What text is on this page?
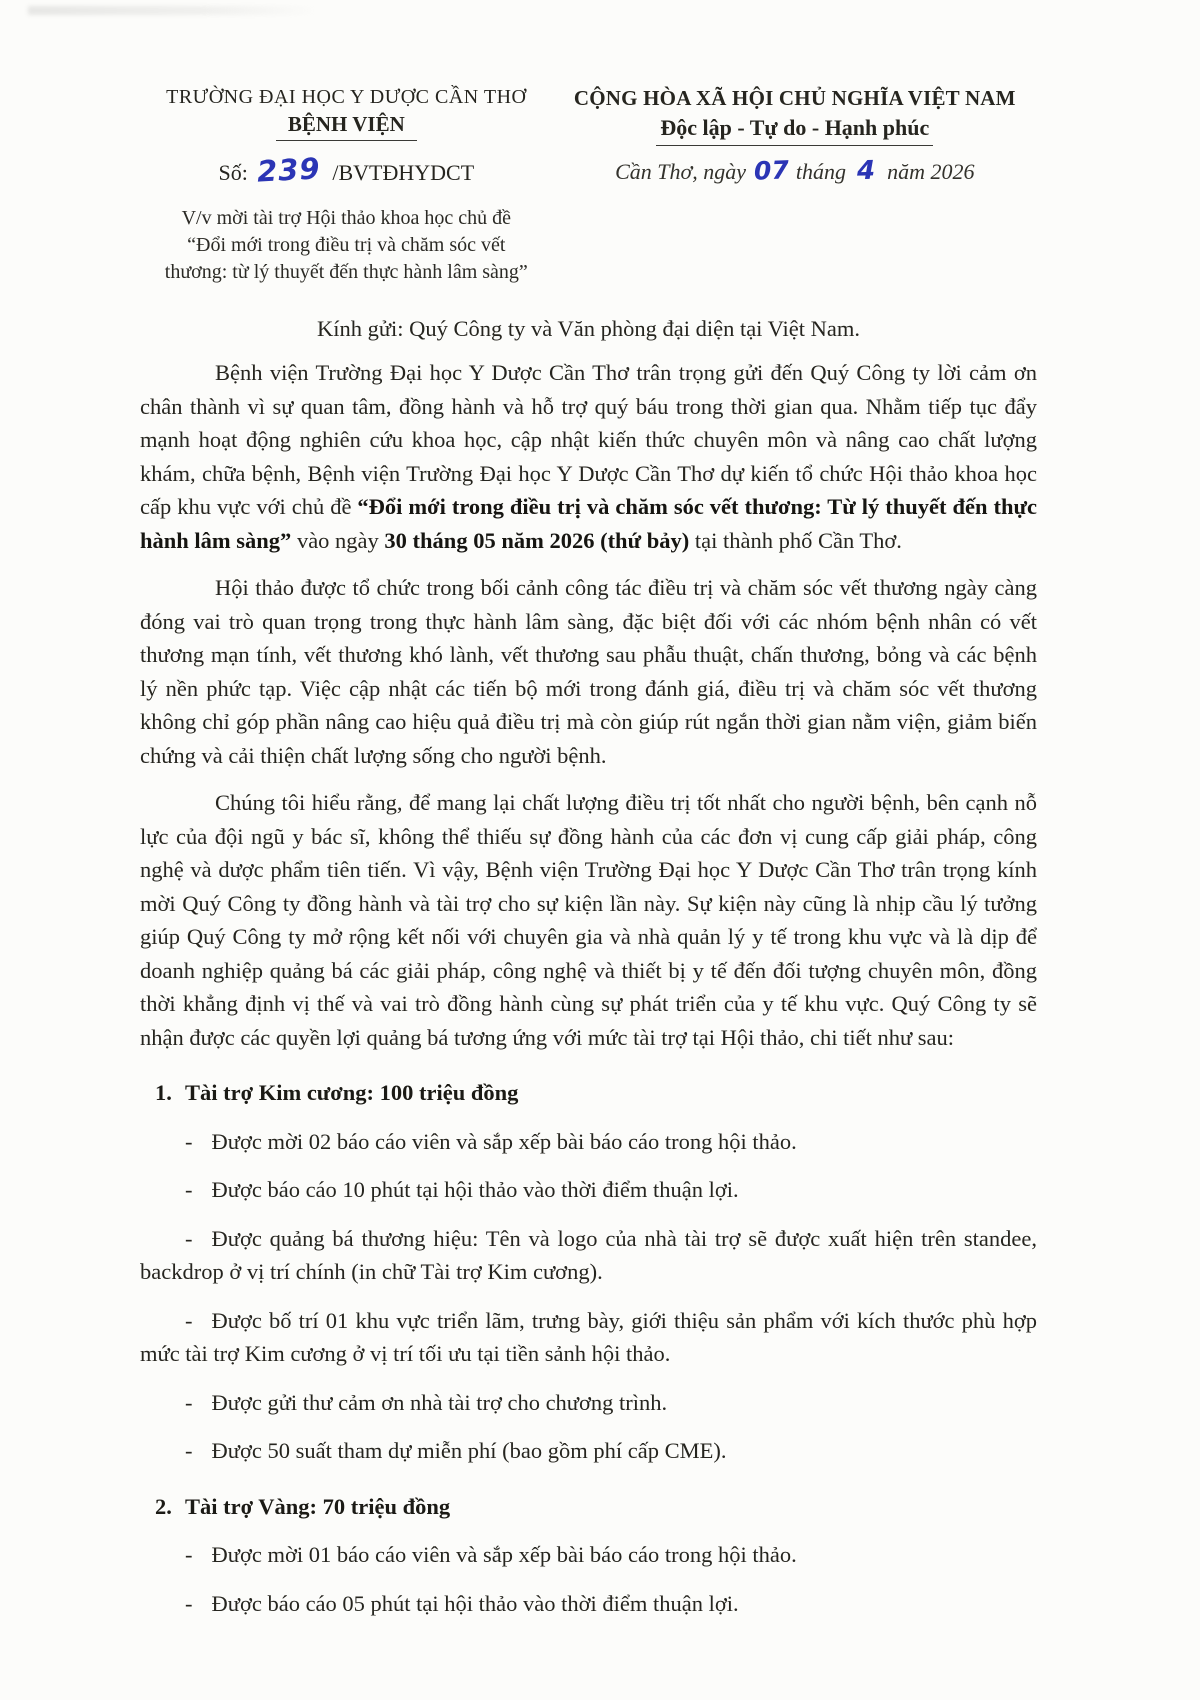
TRƯỜNG ĐẠI HỌC Y DƯỢC CẦN THƠ
BỆNH VIỆN
Số: 239 /BVTĐHYDCT
V/v mời tài trợ Hội thảo khoa học chủ đề
“Đổi mới trong điều trị và chăm sóc vết
thương: từ lý thuyết đến thực hành lâm sàng”
CỘNG HÒA XÃ HỘI CHỦ NGHĨA VIỆT NAM
Độc lập - Tự do - Hạnh phúc
Cần Thơ, ngày 07 tháng 4 năm 2026
Kính gửi: Quý Công ty và Văn phòng đại diện tại Việt Nam.

Bệnh viện Trường Đại học Y Dược Cần Thơ trân trọng gửi đến Quý Công ty lời cảm ơn chân thành vì sự quan tâm, đồng hành và hỗ trợ quý báu trong thời gian qua. Nhằm tiếp tục đẩy mạnh hoạt động nghiên cứu khoa học, cập nhật kiến thức chuyên môn và nâng cao chất lượng khám, chữa bệnh, Bệnh viện Trường Đại học Y Dược Cần Thơ dự kiến tổ chức Hội thảo khoa học cấp khu vực với chủ đề “Đổi mới trong điều trị và chăm sóc vết thương: Từ lý thuyết đến thực hành lâm sàng” vào ngày 30 tháng 05 năm 2026 (thứ bảy) tại thành phố Cần Thơ.

Hội thảo được tổ chức trong bối cảnh công tác điều trị và chăm sóc vết thương ngày càng đóng vai trò quan trọng trong thực hành lâm sàng, đặc biệt đối với các nhóm bệnh nhân có vết thương mạn tính, vết thương khó lành, vết thương sau phẫu thuật, chấn thương, bỏng và các bệnh lý nền phức tạp. Việc cập nhật các tiến bộ mới trong đánh giá, điều trị và chăm sóc vết thương không chỉ góp phần nâng cao hiệu quả điều trị mà còn giúp rút ngắn thời gian nằm viện, giảm biến chứng và cải thiện chất lượng sống cho người bệnh.

Chúng tôi hiểu rằng, để mang lại chất lượng điều trị tốt nhất cho người bệnh, bên cạnh nỗ lực của đội ngũ y bác sĩ, không thể thiếu sự đồng hành của các đơn vị cung cấp giải pháp, công nghệ và dược phẩm tiên tiến. Vì vậy, Bệnh viện Trường Đại học Y Dược Cần Thơ trân trọng kính mời Quý Công ty đồng hành và tài trợ cho sự kiện lần này. Sự kiện này cũng là nhịp cầu lý tưởng giúp Quý Công ty mở rộng kết nối với chuyên gia và nhà quản lý y tế trong khu vực và là dịp để doanh nghiệp quảng bá các giải pháp, công nghệ và thiết bị y tế đến đối tượng chuyên môn, đồng thời khẳng định vị thế và vai trò đồng hành cùng sự phát triển của y tế khu vực. Quý Công ty sẽ nhận được các quyền lợi quảng bá tương ứng với mức tài trợ tại Hội thảo, chi tiết như sau:

1. Tài trợ Kim cương: 100 triệu đồng

- Được mời 02 báo cáo viên và sắp xếp bài báo cáo trong hội thảo.

- Được báo cáo 10 phút tại hội thảo vào thời điểm thuận lợi.

- Được quảng bá thương hiệu: Tên và logo của nhà tài trợ sẽ được xuất hiện trên standee, backdrop ở vị trí chính (in chữ Tài trợ Kim cương).

- Được bố trí 01 khu vực triển lãm, trưng bày, giới thiệu sản phẩm với kích thước phù hợp mức tài trợ Kim cương ở vị trí tối ưu tại tiền sảnh hội thảo.

- Được gửi thư cảm ơn nhà tài trợ cho chương trình.

- Được 50 suất tham dự miễn phí (bao gồm phí cấp CME).

2. Tài trợ Vàng: 70 triệu đồng

- Được mời 01 báo cáo viên và sắp xếp bài báo cáo trong hội thảo.

- Được báo cáo 05 phút tại hội thảo vào thời điểm thuận lợi.
